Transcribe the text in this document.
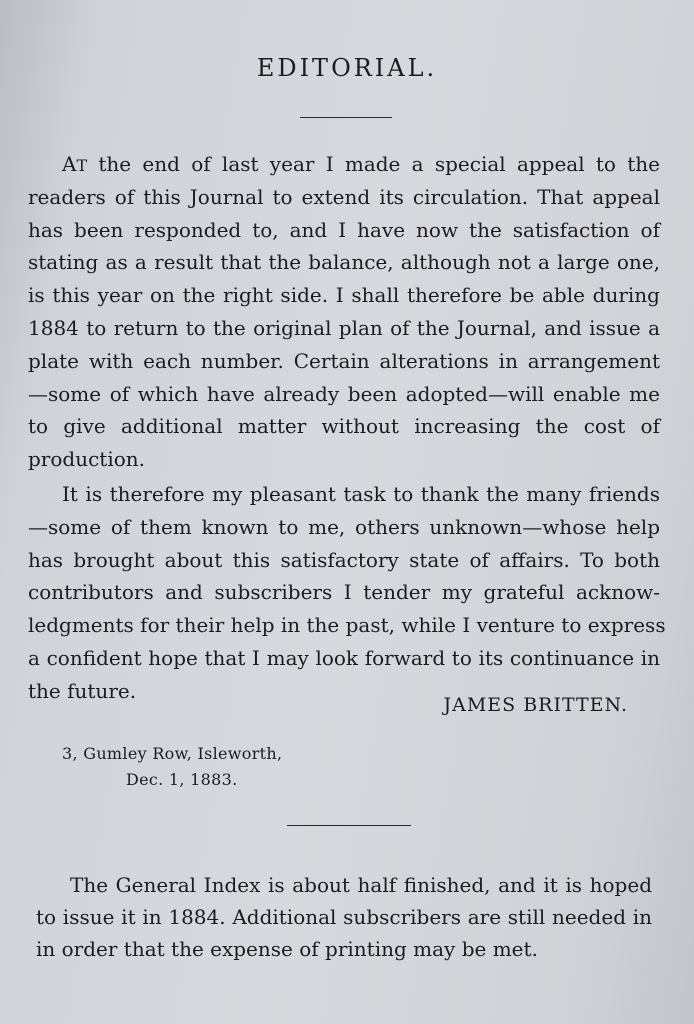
EDITORIAL.
AT the end of last year I made a special appeal to the
readers of this Journal to extend its circulation. That appeal
has been responded to, and I have now the satisfaction of
stating as a result that the balance, although not a large one,
is this year on the right side. I shall therefore be able during
1884 to return to the original plan of the Journal, and issue a
plate with each number. Certain alterations in arrangement
—some of which have already been adopted—will enable me
to give additional matter without increasing the cost of
production.
It is therefore my pleasant task to thank the many friends
—some of them known to me, others unknown—whose help
has brought about this satisfactory state of affairs. To both
contributors and subscribers I tender my grateful acknow-
ledgments for their help in the past, while I venture to express
a confident hope that I may look forward to its continuance in
the future.
JAMES BRITTEN.
3, Gumley Row, Isleworth,
Dec. 1, 1883.
The General Index is about half finished, and it is hoped
to issue it in 1884. Additional subscribers are still needed in
in order that the expense of printing may be met.
